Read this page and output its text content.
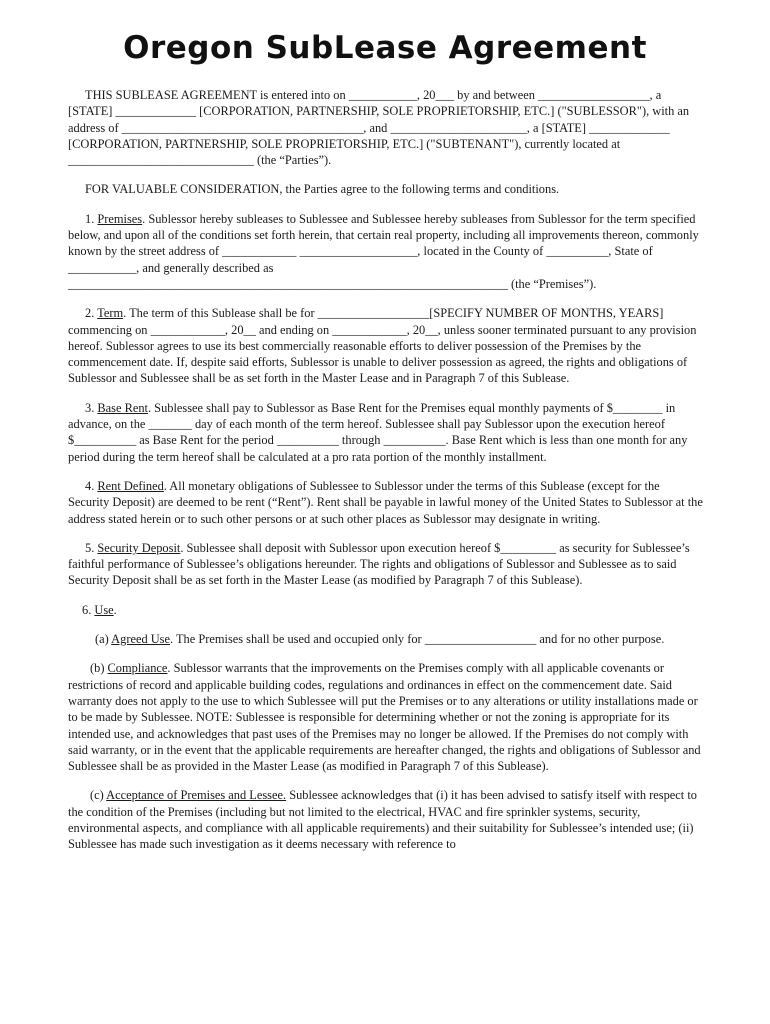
Oregon SubLease Agreement

THIS SUBLEASE AGREEMENT is entered into on ___________, 20___ by and between __________________, a [STATE] _____________ [CORPORATION, PARTNERSHIP, SOLE PROPRIETORSHIP, ETC.] ("SUBLESSOR"), with an address of _______________________________________, and ______________________, a [STATE] _____________ [CORPORATION, PARTNERSHIP, SOLE PROPRIETORSHIP, ETC.] ("SUBTENANT"), currently located at ______________________________ (the “Parties”).

FOR VALUABLE CONSIDERATION, the Parties agree to the following terms and conditions.

1. Premises. Sublessor hereby subleases to Sublessee and Sublessee hereby subleases from Sublessor for the term specified below, and upon all of the conditions set forth herein, that certain real property, including all improvements thereon, commonly known by the street address of ____________ ___________________, located in the County of __________, State of ___________, and generally described as _______________________________________________________________________ (the “Premises”).

2. Term. The term of this Sublease shall be for __________________[SPECIFY NUMBER OF MONTHS, YEARS] commencing on ____________, 20__ and ending on ____________, 20__, unless sooner terminated pursuant to any provision hereof. Sublessor agrees to use its best commercially reasonable efforts to deliver possession of the Premises by the commencement date. If, despite said efforts, Sublessor is unable to deliver possession as agreed, the rights and obligations of Sublessor and Sublessee shall be as set forth in the Master Lease and in Paragraph 7 of this Sublease.

3. Base Rent. Sublessee shall pay to Sublessor as Base Rent for the Premises equal monthly payments of $________ in advance, on the _______ day of each month of the term hereof. Sublessee shall pay Sublessor upon the execution hereof $__________ as Base Rent for the period __________ through __________. Base Rent which is less than one month for any period during the term hereof shall be calculated at a pro rata portion of the monthly installment.

4. Rent Defined. All monetary obligations of Sublessee to Sublessor under the terms of this Sublease (except for the Security Deposit) are deemed to be rent (“Rent”). Rent shall be payable in lawful money of the United States to Sublessor at the address stated herein or to such other persons or at such other places as Sublessor may designate in writing.

5. Security Deposit. Sublessee shall deposit with Sublessor upon execution hereof $_________ as security for Sublessee’s faithful performance of Sublessee’s obligations hereunder. The rights and obligations of Sublessor and Sublessee as to said Security Deposit shall be as set forth in the Master Lease (as modified by Paragraph 7 of this Sublease).

6. Use.

(a) Agreed Use. The Premises shall be used and occupied only for __________________ and for no other purpose.

(b) Compliance. Sublessor warrants that the improvements on the Premises comply with all applicable covenants or restrictions of record and applicable building codes, regulations and ordinances in effect on the commencement date. Said warranty does not apply to the use to which Sublessee will put the Premises or to any alterations or utility installations made or to be made by Sublessee. NOTE: Sublessee is responsible for determining whether or not the zoning is appropriate for its intended use, and acknowledges that past uses of the Premises may no longer be allowed. If the Premises do not comply with said warranty, or in the event that the applicable requirements are hereafter changed, the rights and obligations of Sublessor and Sublessee shall be as provided in the Master Lease (as modified in Paragraph 7 of this Sublease).

(c) Acceptance of Premises and Lessee. Sublessee acknowledges that (i) it has been advised to satisfy itself with respect to the condition of the Premises (including but not limited to the electrical, HVAC and fire sprinkler systems, security, environmental aspects, and compliance with all applicable requirements) and their suitability for Sublessee’s intended use; (ii) Sublessee has made such investigation as it deems necessary with reference to
